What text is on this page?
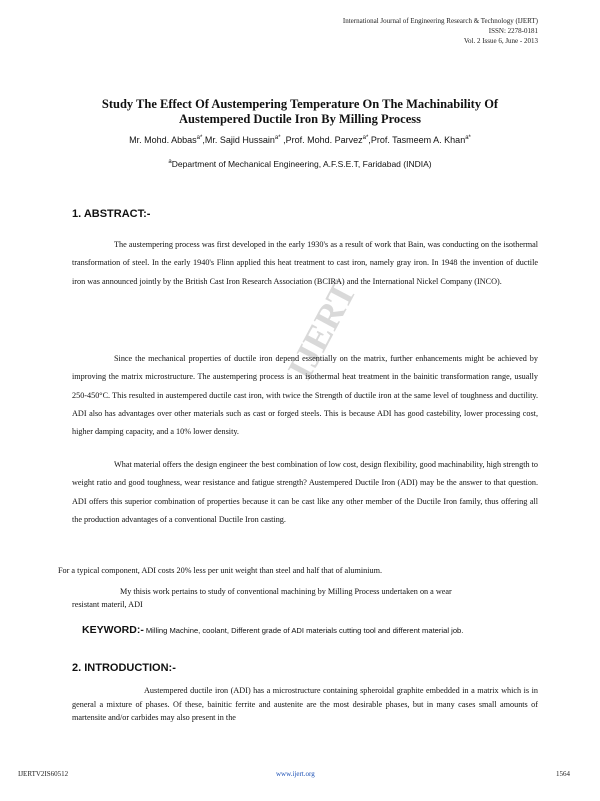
International Journal of Engineering Research & Technology (IJERT)
ISSN: 2278-0181
Vol. 2 Issue 6, June - 2013
IJERT
Study The Effect Of Austempering Temperature On The Machinability Of
Austempered Ductile Iron By Milling Process
Mr. Mohd. Abbas$^{a*}$,Mr. Sajid Hussain$^{a*}$ ,Prof. Mohd. Parvez$^{a*}$,Prof. Tasmeem A. Khan$^{a*}$
$^a$Department of Mechanical Engineering, A.F.S.E.T, Faridabad (INDIA)
1. ABSTRACT:-

The austempering process was first developed in the early 1930's as a result of work that Bain, was conducting on the isothermal transformation of steel. In the early 1940's Flinn applied this heat treatment to cast iron, namely gray iron. In 1948 the invention of ductile iron was announced jointly by the British Cast Iron Research Association (BCIRA) and the International Nickel Company (INCO).

Since the mechanical properties of ductile iron depend essentially on the matrix, further enhancements might be achieved by improving the matrix microstructure. The austempering process is an isothermal heat treatment in the bainitic transformation range, usually 250-450°C. This resulted in austempered ductile cast iron, with twice the Strength of ductile iron at the same level of toughness and ductility. ADI also has advantages over other materials such as cast or forged steels. This is because ADI has good castebility, lower processing cost, higher damping capacity, and a 10% lower density.

What material offers the design engineer the best combination of low cost, design flexibility, good machinability, high strength to weight ratio and good toughness, wear resistance and fatigue strength? Austempered Ductile Iron (ADI) may be the answer to that question. ADI offers this superior combination of properties because it can be cast like any other member of the Ductile Iron family, thus offering all the production advantages of a conventional Ductile Iron casting.

For a typical component, ADI costs 20% less per unit weight than steel and half that of aluminium.
My thisis work pertains to study of conventional machining by Milling Process undertaken on a wear
resistant materil, ADI
KEYWORD:- Milling Machine, coolant, Different grade of ADI materials cutting tool and different material job.
2. INTRODUCTION:-

Austempered ductile iron (ADI) has a microstructure containing spheroidal graphite embedded in a matrix which is in general a mixture of phases. Of these, bainitic ferrite and austenite are the most desirable phases, but in many cases small amounts of martensite and/or carbides may also present in the

IJERTV2IS60512	www.ijert.org	1564
